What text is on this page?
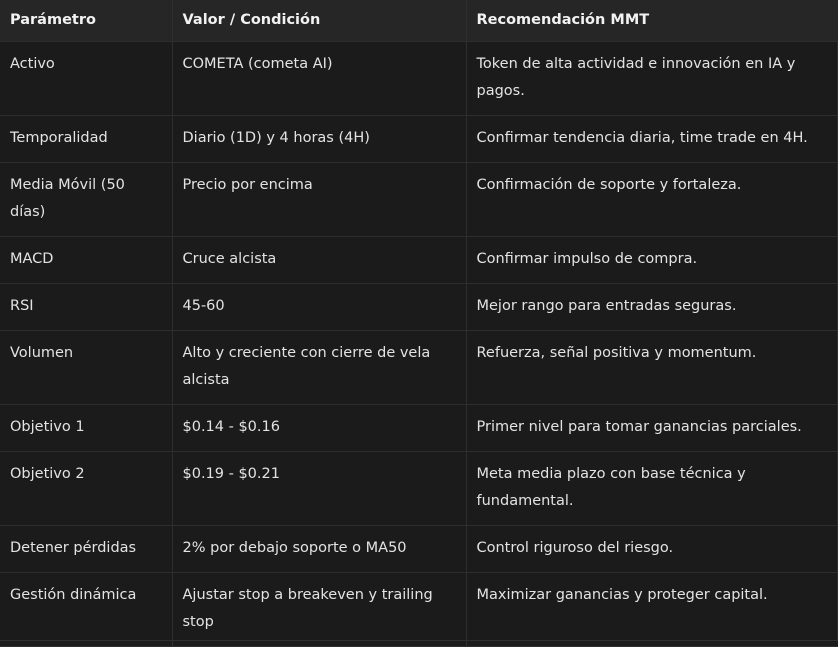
Parámetro	Valor / Condición	Recomendación MMT
Activo	COMETA (cometa AI)	Token de alta actividad e innovación en IA y pagos.
Temporalidad	Diario (1D) y 4 horas (4H)	Confirmar tendencia diaria, time trade en 4H.
Media Móvil (50 días)	Precio por encima	Confirmación de soporte y fortaleza.
MACD	Cruce alcista	Confirmar impulso de compra.
RSI	45-60	Mejor rango para entradas seguras.
Volumen	Alto y creciente con cierre de vela alcista	Refuerza, señal positiva y momentum.
Objetivo 1	$0.14 - $0.16	Primer nivel para tomar ganancias parciales.
Objetivo 2	$0.19 - $0.21	Meta media plazo con base técnica y fundamental.
Detener pérdidas	2% por debajo soporte o MA50	Control riguroso del riesgo.
Gestión dinámica	Ajustar stop a breakeven y trailing stop	Maximizar ganancias y proteger capital.
